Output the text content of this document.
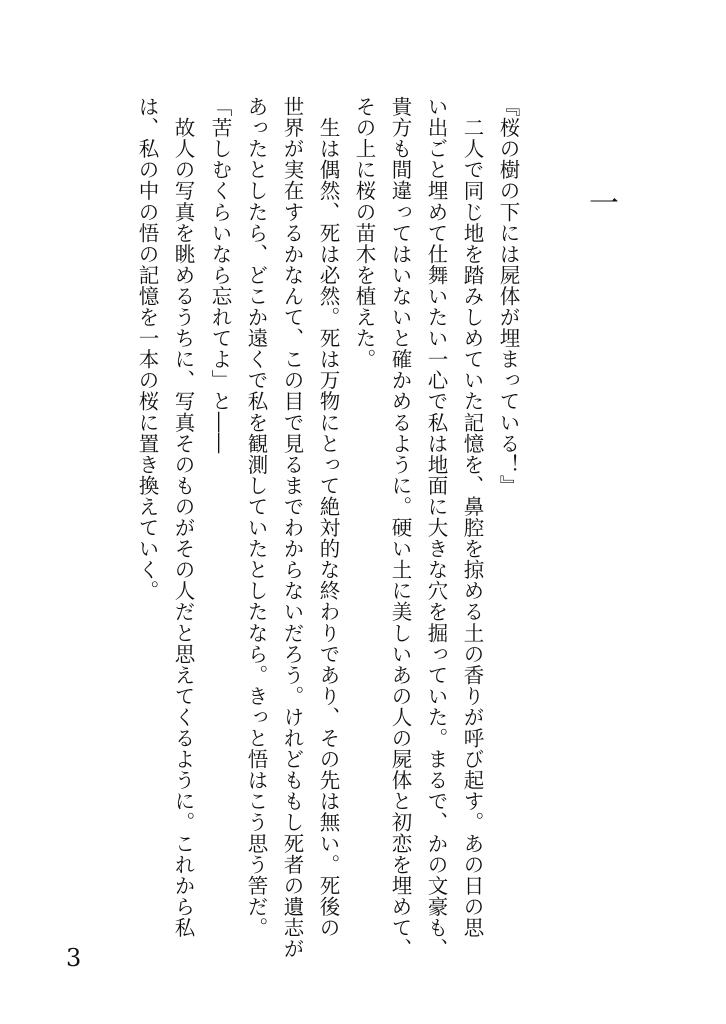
一

『桜の樹の下には屍体が埋まっている！』

　二人で同じ地を踏みしめていた記憶を、鼻腔を掠める土の香りが呼び起す。あの日の思

い出ごと埋めて仕舞いたい一心で私は地面に大きな穴を掘っていた。まるで、かの文豪も、

貴方も間違ってはいないと確かめるように。硬い土に美しいあの人の屍体と初恋を埋めて、

その上に桜の苗木を植えた。

　生は偶然、死は必然。死は万物にとって絶対的な終わりであり、その先は無い。死後の

世界が実在するかなんて、この目で見るまでわからないだろう。けれどももし死者の遺志が

あったとしたら、どこか遠くで私を観測していたとしたなら。きっと悟はこう思う筈だ。

「苦しむくらいなら忘れてよ」と――

　故人の写真を眺めるうちに、写真そのものがその人だと思えてくるように。これから私

は、私の中の悟の記憶を一本の桜に置き換えていく。

3
